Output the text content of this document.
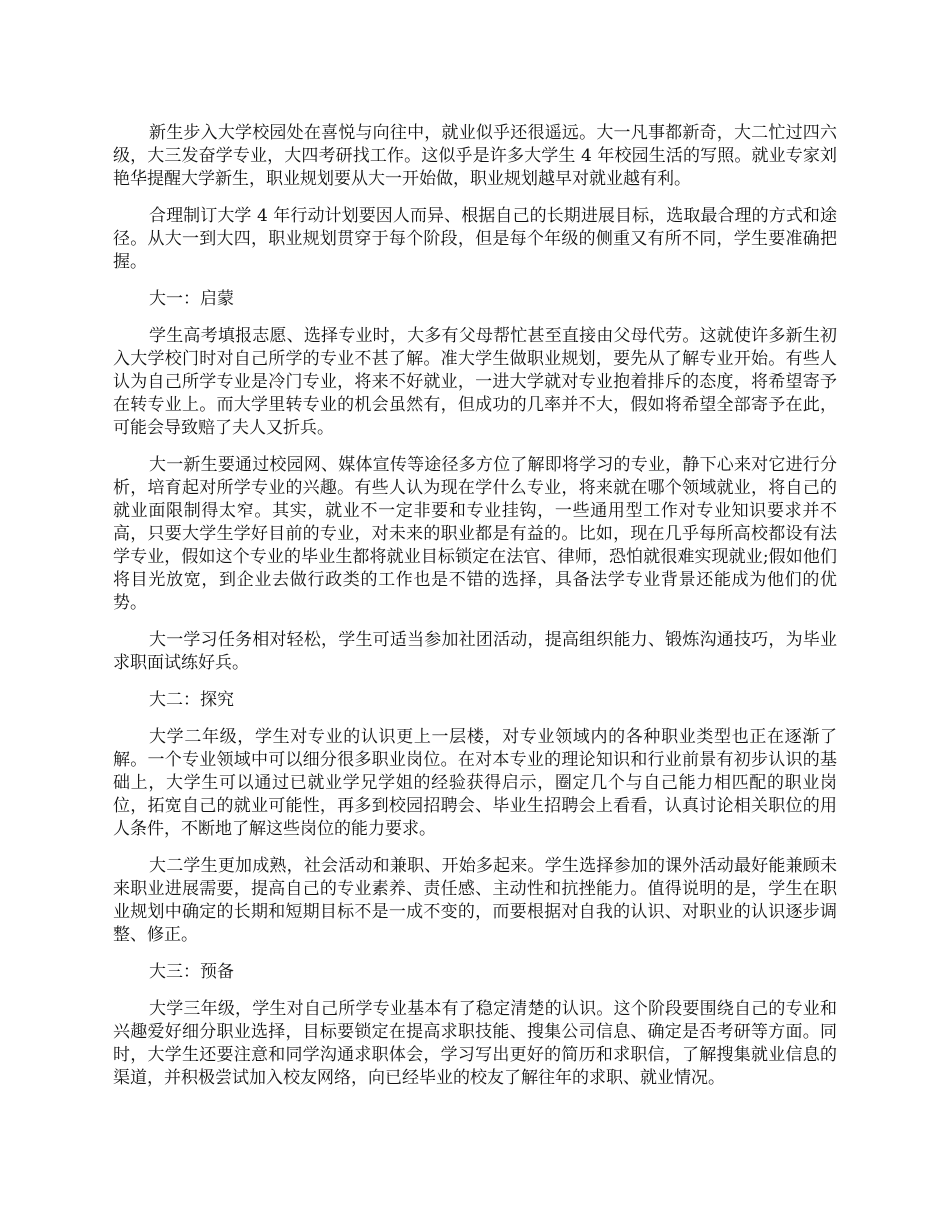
新生步入大学校园处在喜悦与向往中，就业似乎还很遥远。大一凡事都新奇，大二忙过四六级，大三发奋学专业，大四考研找工作。这似乎是许多大学生 4 年校园生活的写照。就业专家刘艳华提醒大学新生，职业规划要从大一开始做，职业规划越早对就业越有利。

合理制订大学 4 年行动计划要因人而异、根据自己的长期进展目标，选取最合理的方式和途径。从大一到大四，职业规划贯穿于每个阶段，但是每个年级的侧重又有所不同，学生要准确把握。

大一：启蒙

学生高考填报志愿、选择专业时，大多有父母帮忙甚至直接由父母代劳。这就使许多新生初入大学校门时对自己所学的专业不甚了解。准大学生做职业规划，要先从了解专业开始。有些人认为自己所学专业是冷门专业，将来不好就业，一进大学就对专业抱着排斥的态度，将希望寄予在转专业上。而大学里转专业的机会虽然有，但成功的几率并不大，假如将希望全部寄予在此，可能会导致赔了夫人又折兵。

大一新生要通过校园网、媒体宣传等途径多方位了解即将学习的专业，静下心来对它进行分析，培育起对所学专业的兴趣。有些人认为现在学什么专业，将来就在哪个领域就业，将自己的就业面限制得太窄。其实，就业不一定非要和专业挂钩，一些通用型工作对专业知识要求并不高，只要大学生学好目前的专业，对未来的职业都是有益的。比如，现在几乎每所高校都设有法学专业，假如这个专业的毕业生都将就业目标锁定在法官、律师，恐怕就很难实现就业;假如他们将目光放宽，到企业去做行政类的工作也是不错的选择，具备法学专业背景还能成为他们的优势。

大一学习任务相对轻松，学生可适当参加社团活动，提高组织能力、锻炼沟通技巧，为毕业求职面试练好兵。

大二：探究

大学二年级，学生对专业的认识更上一层楼，对专业领域内的各种职业类型也正在逐渐了解。一个专业领域中可以细分很多职业岗位。在对本专业的理论知识和行业前景有初步认识的基础上，大学生可以通过已就业学兄学姐的经验获得启示，圈定几个与自己能力相匹配的职业岗位，拓宽自己的就业可能性，再多到校园招聘会、毕业生招聘会上看看，认真讨论相关职位的用人条件，不断地了解这些岗位的能力要求。

大二学生更加成熟，社会活动和兼职、开始多起来。学生选择参加的课外活动最好能兼顾未来职业进展需要，提高自己的专业素养、责任感、主动性和抗挫能力。值得说明的是，学生在职业规划中确定的长期和短期目标不是一成不变的，而要根据对自我的认识、对职业的认识逐步调整、修正。

大三：预备

大学三年级，学生对自己所学专业基本有了稳定清楚的认识。这个阶段要围绕自己的专业和兴趣爱好细分职业选择，目标要锁定在提高求职技能、搜集公司信息、确定是否考研等方面。同时，大学生还要注意和同学沟通求职体会，学习写出更好的简历和求职信，了解搜集就业信息的渠道，并积极尝试加入校友网络，向已经毕业的校友了解往年的求职、就业情况。
